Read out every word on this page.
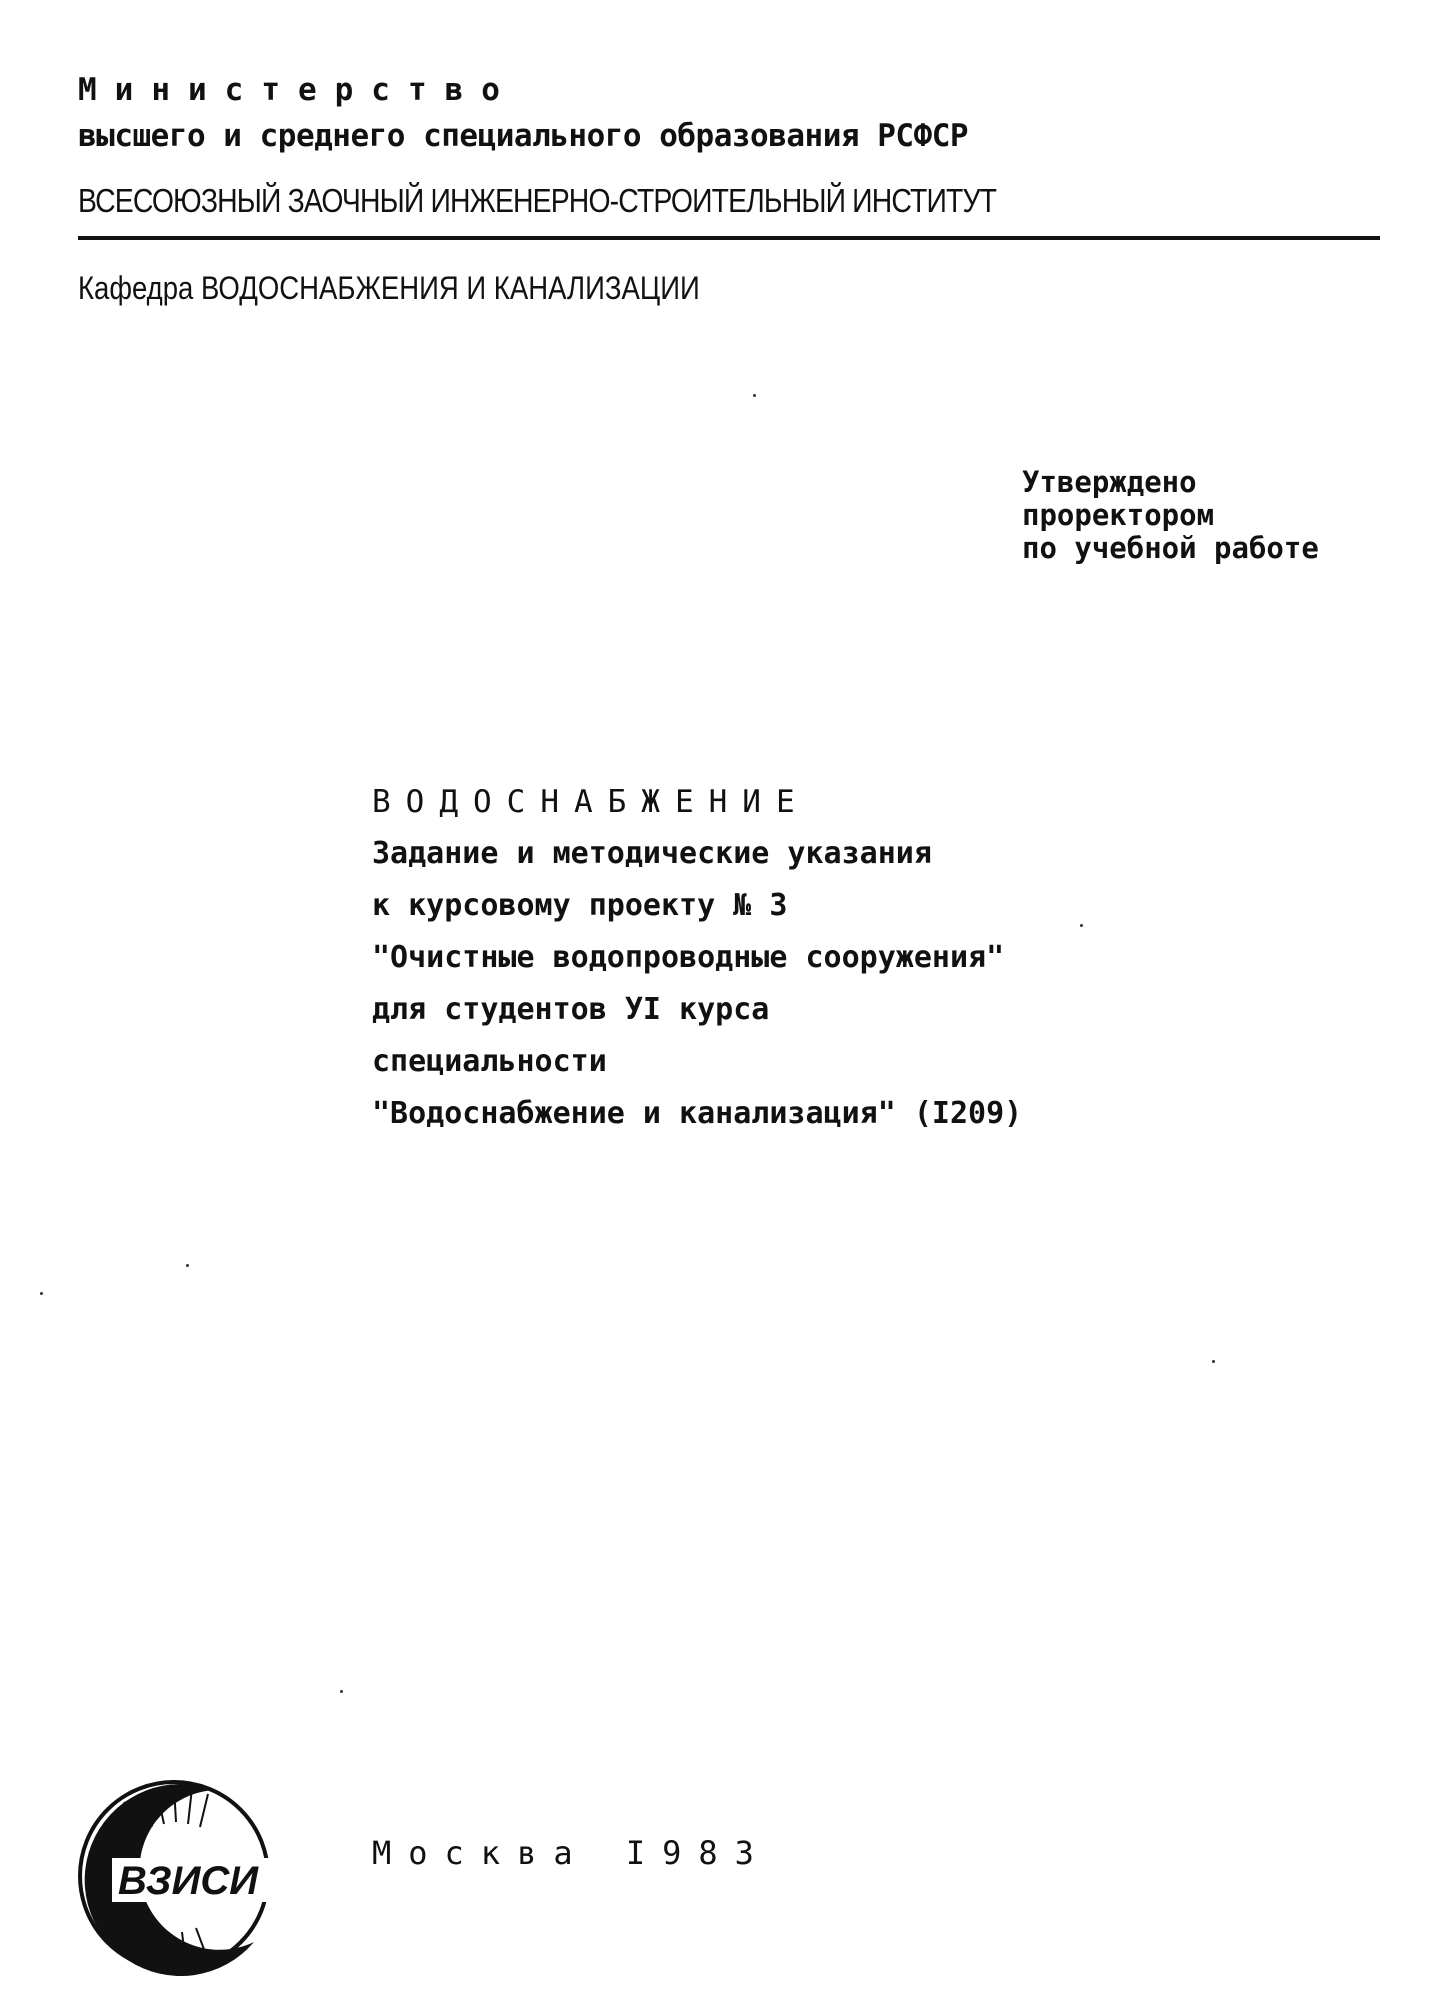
Министерство
высшего и среднего специального образования РСФСР
ВСЕСОЮЗНЫЙ ЗАОЧНЫЙ ИНЖЕНЕРНО-СТРОИТЕЛЬНЫЙ ИНСТИТУТ
Кафедра ВОДОСНАБЖЕНИЯ И КАНАЛИЗАЦИИ
Утверждено
проректором
по учебной работе
ВОДОСНАБЖЕНИЕ
Задание и методические указания
к курсовому проекту № 3
"Очистные водопроводные сооружения"
для студентов УI курса
специальности
"Водоснабжение и канализация" (I209)
ВЗИСИ
Москва I983
